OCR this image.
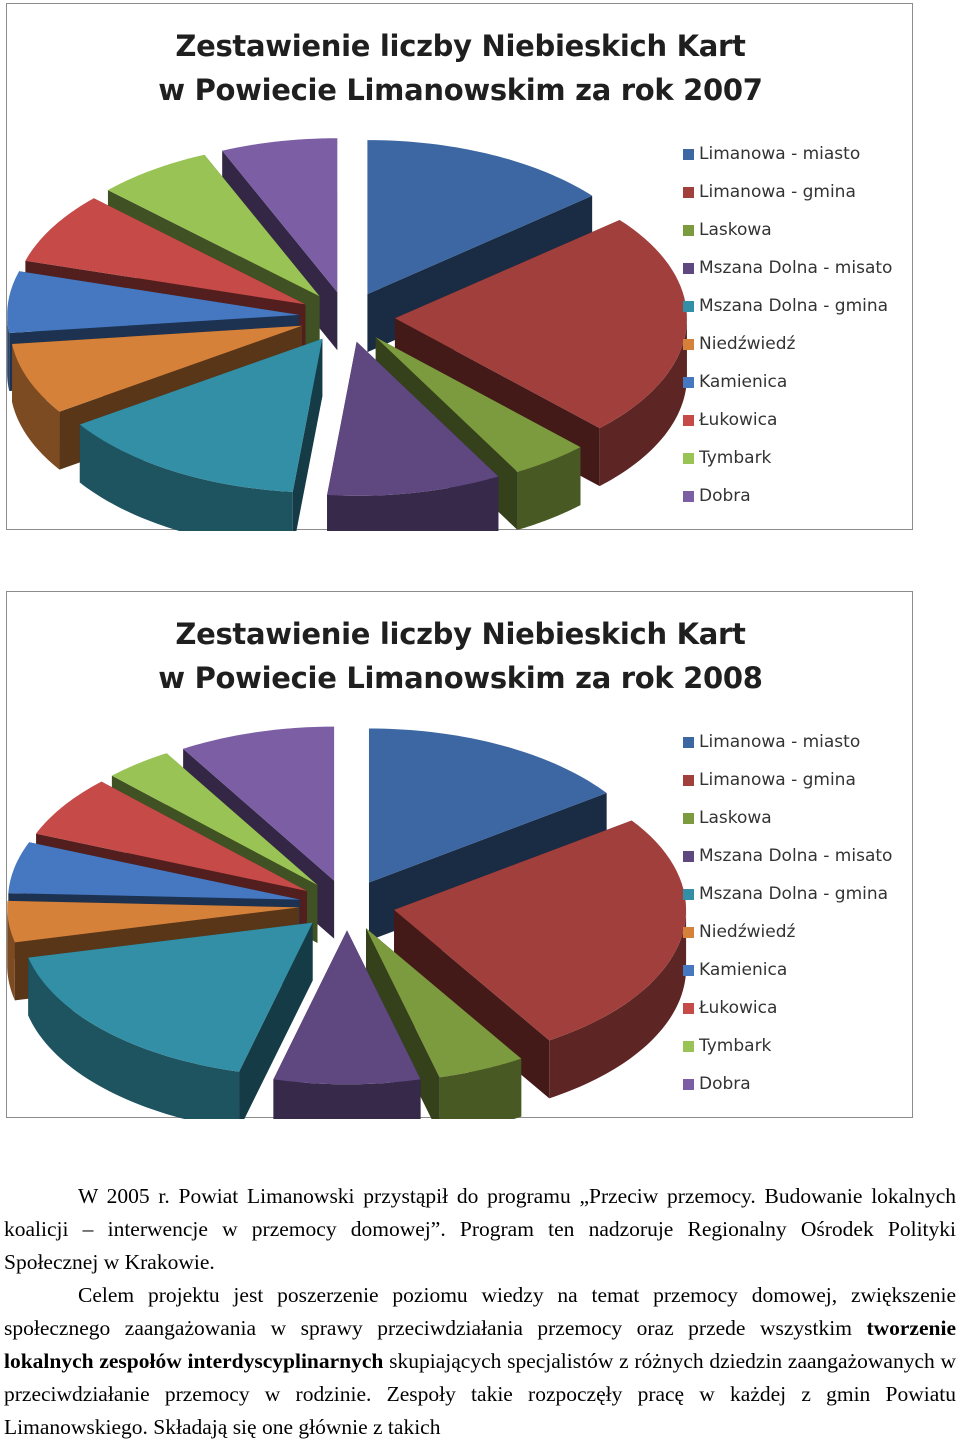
Zestawienie liczby Niebieskich Kart
w Powiecie Limanowskim za rok 2007
Limanowa - miasto
Limanowa - gmina
Laskowa
Mszana Dolna - misato
Mszana Dolna - gmina
Niedźwiedź
Kamienica
Łukowica
Tymbark
Dobra
Zestawienie liczby Niebieskich Kart
w Powiecie Limanowskim za rok 2008
Limanowa - miasto
Limanowa - gmina
Laskowa
Mszana Dolna - misato
Mszana Dolna - gmina
Niedźwiedź
Kamienica
Łukowica
Tymbark
Dobra

W 2005 r. Powiat Limanowski przystąpił do programu „Przeciw przemocy. Budowanie lokalnych koalicji – interwencje w przemocy domowej”. Program ten nadzoruje Regionalny Ośrodek Polityki Społecznej w Krakowie.

Celem projektu jest poszerzenie poziomu wiedzy na temat przemocy domowej, zwiększenie społecznego zaangażowania w sprawy przeciwdziałania przemocy oraz przede wszystkim tworzenie lokalnych zespołów interdyscyplinarnych skupiających specjalistów z różnych dziedzin zaangażowanych w przeciwdziałanie przemocy w rodzinie. Zespoły takie rozpoczęły pracę w każdej z gmin Powiatu Limanowskiego. Składają się one głównie z takich
